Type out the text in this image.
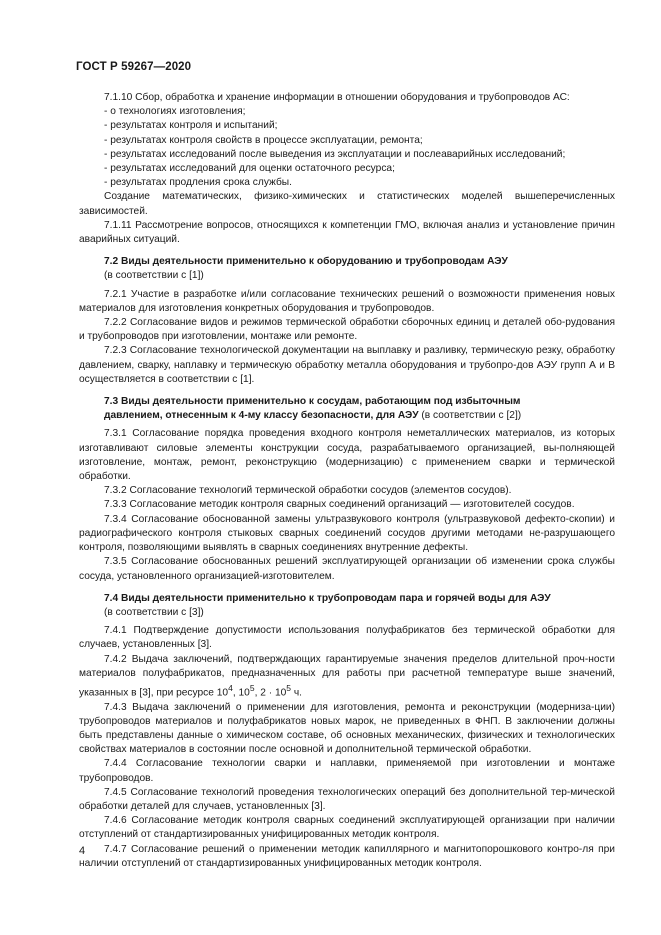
ГОСТ Р 59267—2020

7.1.10 Сбор, обработка и хранение информации в отношении оборудования и трубопроводов АС:

- о технологиях изготовления;

- результатах контроля и испытаний;

- результатах контроля свойств в процессе эксплуатации, ремонта;

- результатах исследований после выведения из эксплуатации и послеаварийных исследований;

- результатах исследований для оценки остаточного ресурса;

- результатах продления срока службы.

Создание математических, физико-химических и статистических моделей вышеперечисленных зависимостей.

7.1.11 Рассмотрение вопросов, относящихся к компетенции ГМО, включая анализ и установление причин аварийных ситуаций.

7.2 Виды деятельности применительно к оборудованию и трубопроводам АЭУ

(в соответствии с [1])

7.2.1 Участие в разработке и/или согласование технических решений о возможности применения новых материалов для изготовления конкретных оборудования и трубопроводов.

7.2.2 Согласование видов и режимов термической обработки сборочных единиц и деталей обо-рудования и трубопроводов при изготовлении, монтаже или ремонте.

7.2.3 Согласование технологической документации на выплавку и разливку, термическую резку, обработку давлением, сварку, наплавку и термическую обработку металла оборудования и трубопро-дов АЭУ групп А и В осуществляется в соответствии с [1].

7.3 Виды деятельности применительно к сосудам, работающим под избыточным

давлением, отнесенным к 4-му классу безопасности, для АЭУ (в соответствии с [2])

7.3.1 Согласование порядка проведения входного контроля неметаллических материалов, из которых изготавливают силовые элементы конструкции сосуда, разрабатываемого организацией, вы-полняющей изготовление, монтаж, ремонт, реконструкцию (модернизацию) с применением сварки и термической обработки.

7.3.2 Согласование технологий термической обработки сосудов (элементов сосудов).

7.3.3 Согласование методик контроля сварных соединений организаций — изготовителей сосудов.

7.3.4 Согласование обоснованной замены ультразвукового контроля (ультразвуковой дефекто-скопии) и радиографического контроля стыковых сварных соединений сосудов другими методами не-разрушающего контроля, позволяющими выявлять в сварных соединениях внутренние дефекты.

7.3.5 Согласование обоснованных решений эксплуатирующей организации об изменении срока службы сосуда, установленного организацией-изготовителем.

7.4 Виды деятельности применительно к трубопроводам пара и горячей воды для АЭУ

(в соответствии с [3])

7.4.1 Подтверждение допустимости использования полуфабрикатов без термической обработки для случаев, установленных [3].

7.4.2 Выдача заключений, подтверждающих гарантируемые значения пределов длительной проч-ности материалов полуфабрикатов, предназначенных для работы при расчетной температуре выше значений, указанных в [3], при ресурсе $10^4$, $10^5$, $2 \cdot 10^5$ ч.

7.4.3 Выдача заключений о применении для изготовления, ремонта и реконструкции (модерниза-ции) трубопроводов материалов и полуфабрикатов новых марок, не приведенных в ФНП. В заключении должны быть представлены данные о химическом составе, об основных механических, физических и технологических свойствах материалов в состоянии после основной и дополнительной термической обработки.

7.4.4 Согласование технологии сварки и наплавки, применяемой при изготовлении и монтаже трубопроводов.

7.4.5 Согласование технологий проведения технологических операций без дополнительной тер-мической обработки деталей для случаев, установленных [3].

7.4.6 Согласование методик контроля сварных соединений эксплуатирующей организации при наличии отступлений от стандартизированных унифицированных методик контроля.

7.4.7 Согласование решений о применении методик капиллярного и магнитопорошкового контро-ля при наличии отступлений от стандартизированных унифицированных методик контроля.

4
